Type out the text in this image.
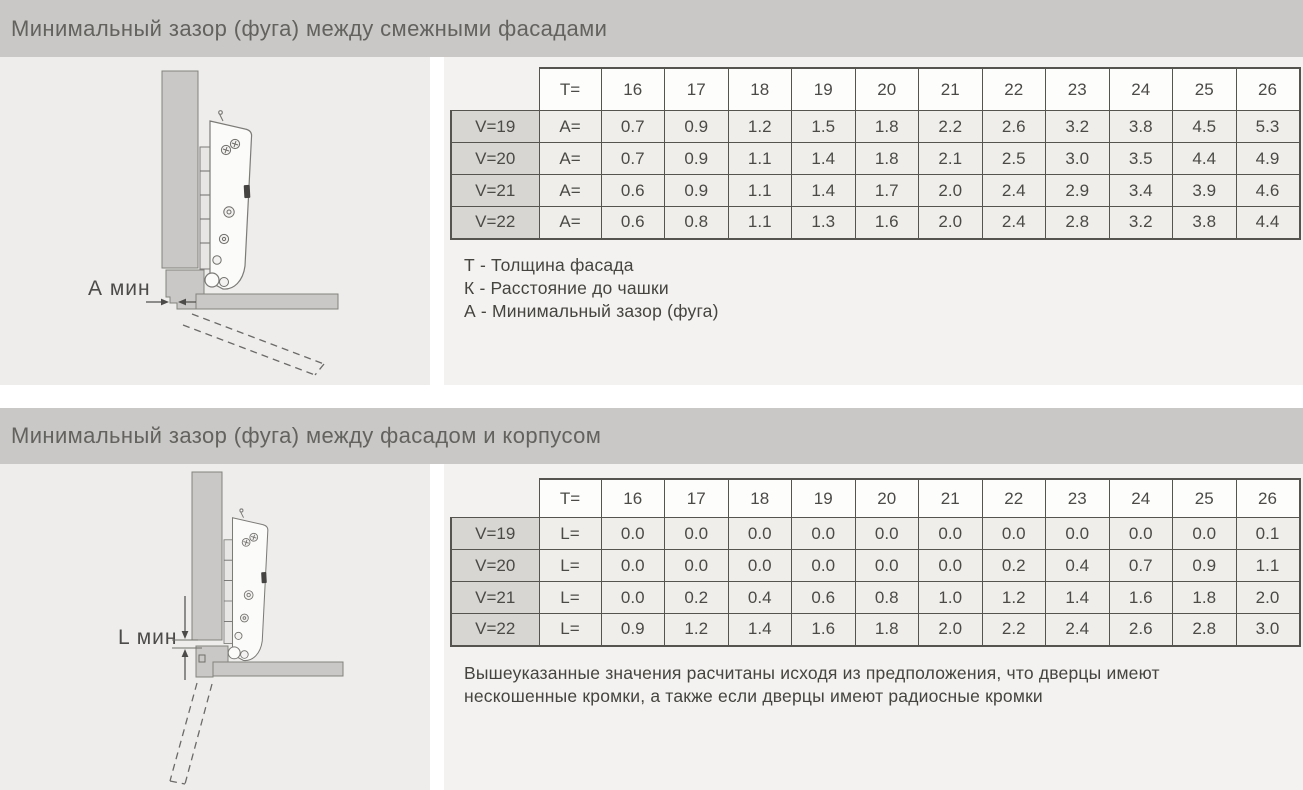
Минимальный зазор (фуга) между смежными фасадами
А мин
	T=	16	17	18	19	20	21	22	23	24	25	26
V=19	A=	0.7	0.9	1.2	1.5	1.8	2.2	2.6	3.2	3.8	4.5	5.3
V=20	A=	0.7	0.9	1.1	1.4	1.8	2.1	2.5	3.0	3.5	4.4	4.9
V=21	A=	0.6	0.9	1.1	1.4	1.7	2.0	2.4	2.9	3.4	3.9	4.6
V=22	A=	0.6	0.8	1.1	1.3	1.6	2.0	2.4	2.8	3.2	3.8	4.4
Т - Толщина фасада
К - Расстояние до чашки
А - Минимальный зазор (фуга)
Минимальный зазор (фуга) между фасадом и корпусом
L мин
	T=	16	17	18	19	20	21	22	23	24	25	26
V=19	L=	0.0	0.0	0.0	0.0	0.0	0.0	0.0	0.0	0.0	0.0	0.1
V=20	L=	0.0	0.0	0.0	0.0	0.0	0.0	0.2	0.4	0.7	0.9	1.1
V=21	L=	0.0	0.2	0.4	0.6	0.8	1.0	1.2	1.4	1.6	1.8	2.0
V=22	L=	0.9	1.2	1.4	1.6	1.8	2.0	2.2	2.4	2.6	2.8	3.0
Вышеуказанные значения расчитаны исходя из предположения, что дверцы имеют
нескошенные кромки, а также если дверцы имеют радиосные кромки
